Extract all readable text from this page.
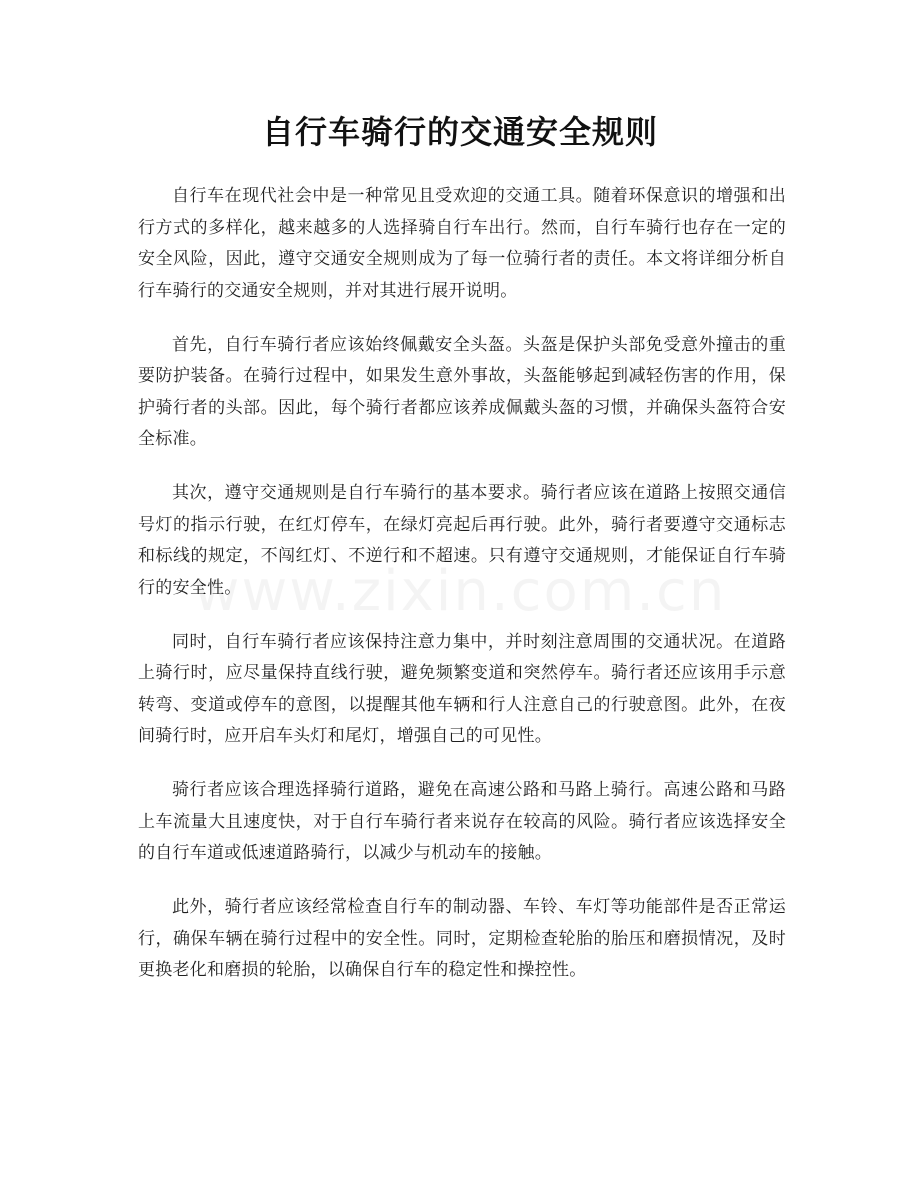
自行车骑行的交通安全规则

自行车在现代社会中是一种常见且受欢迎的交通工具。随着环保意识的增强和出行方式的多样化，越来越多的人选择骑自行车出行。然而，自行车骑行也存在一定的安全风险，因此，遵守交通安全规则成为了每一位骑行者的责任。本文将详细分析自行车骑行的交通安全规则，并对其进行展开说明。

首先，自行车骑行者应该始终佩戴安全头盔。头盔是保护头部免受意外撞击的重要防护装备。在骑行过程中，如果发生意外事故，头盔能够起到减轻伤害的作用，保护骑行者的头部。因此，每个骑行者都应该养成佩戴头盔的习惯，并确保头盔符合安全标准。

其次，遵守交通规则是自行车骑行的基本要求。骑行者应该在道路上按照交通信号灯的指示行驶，在红灯停车，在绿灯亮起后再行驶。此外，骑行者要遵守交通标志和标线的规定，不闯红灯、不逆行和不超速。只有遵守交通规则，才能保证自行车骑行的安全性。

同时，自行车骑行者应该保持注意力集中，并时刻注意周围的交通状况。在道路上骑行时，应尽量保持直线行驶，避免频繁变道和突然停车。骑行者还应该用手示意转弯、变道或停车的意图，以提醒其他车辆和行人注意自己的行驶意图。此外，在夜间骑行时，应开启车头灯和尾灯，增强自己的可见性。

骑行者应该合理选择骑行道路，避免在高速公路和马路上骑行。高速公路和马路上车流量大且速度快，对于自行车骑行者来说存在较高的风险。骑行者应该选择安全的自行车道或低速道路骑行，以减少与机动车的接触。

此外，骑行者应该经常检查自行车的制动器、车铃、车灯等功能部件是否正常运行，确保车辆在骑行过程中的安全性。同时，定期检查轮胎的胎压和磨损情况，及时更换老化和磨损的轮胎，以确保自行车的稳定性和操控性。
